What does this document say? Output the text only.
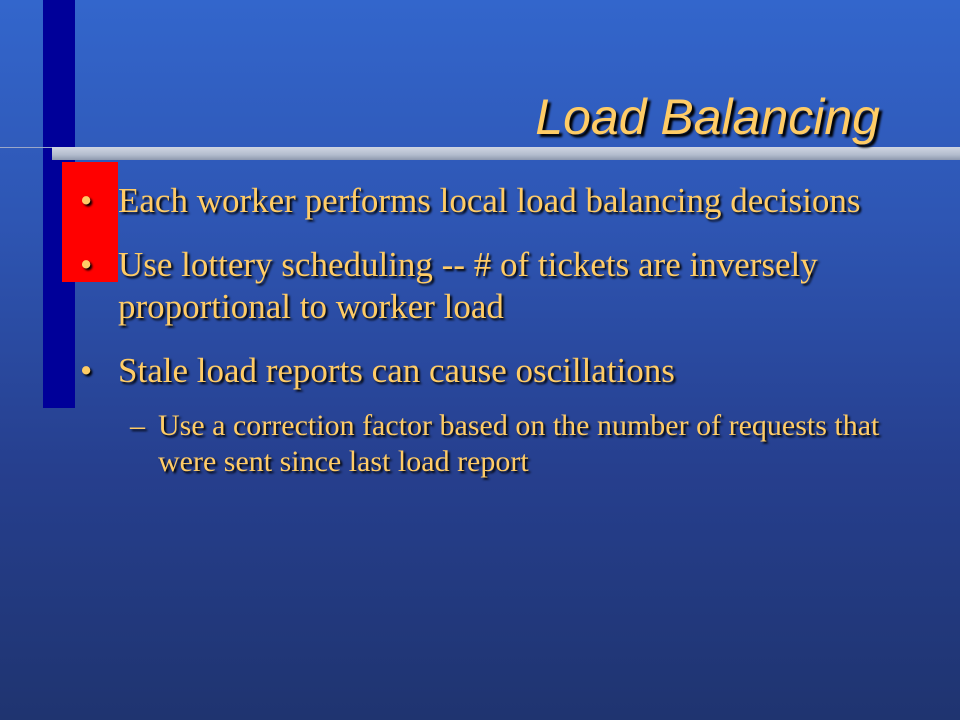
Load Balancing
• Each worker performs local load balancing decisions
• Use lottery scheduling -- # of tickets are inversely proportional to worker load
• Stale load reports can cause oscillations
– Use a correction factor based on the number of requests that were sent since last load report
